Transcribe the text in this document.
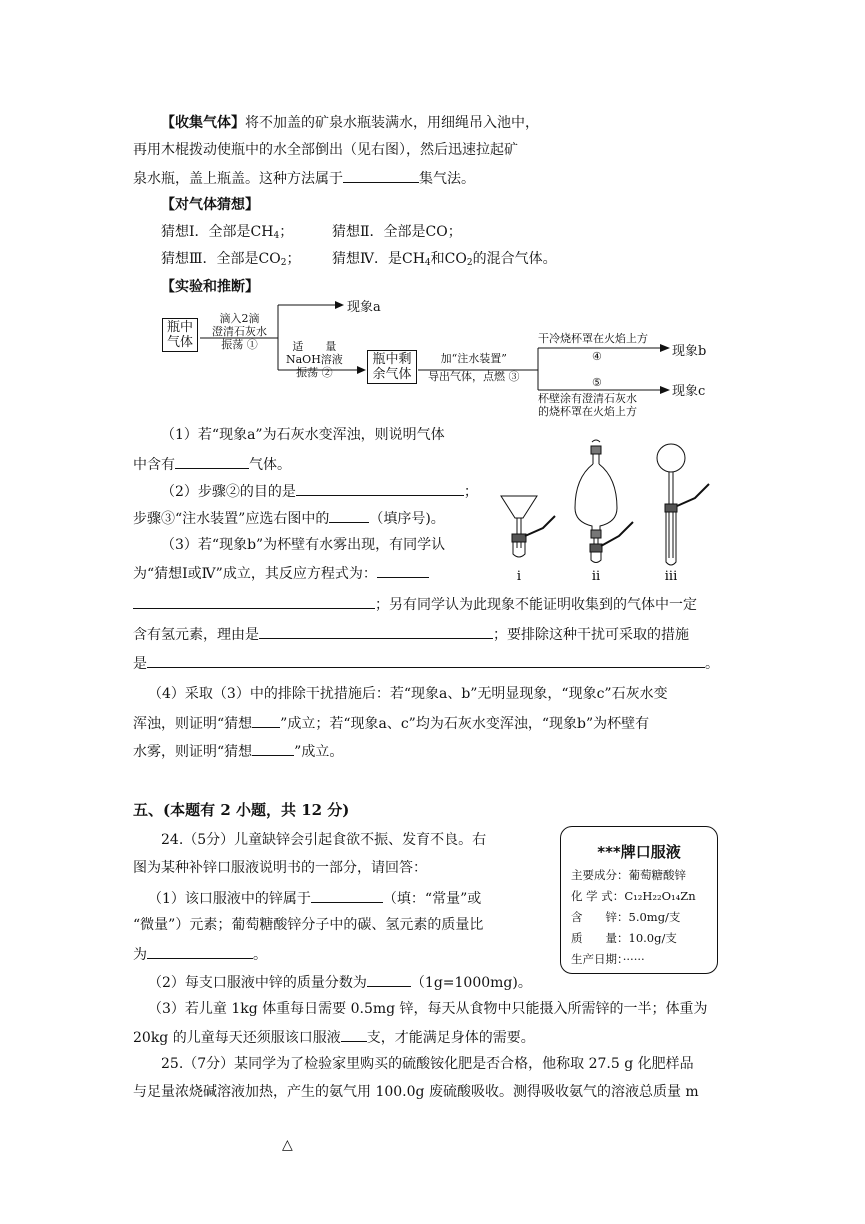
【收集气体】将不加盖的矿泉水瓶装满水，用细绳吊入池中，
再用木棍拨动使瓶中的水全部倒出（见右图），然后迅速拉起矿
泉水瓶，盖上瓶盖。这种方法属于	集气法。
【对气体猜想】
猜想Ⅰ．全部是$CH_4$；	猜想Ⅱ．全部是CO；
猜想Ⅲ．全部是$CO_2$； 猜想Ⅳ．是$CH_4$和$CO_2$的混合气体。
【实验和推断】
瓶中
气体
滴入2滴
澄清石灰水
振荡 ①
现象a
适　　量
NaOH溶液
振荡 ②
瓶中剩
余气体
加“注水装置”
导出气体，点燃 ③
干冷烧杯罩在火焰上方
④	现象b
⑤
杯壁涂有澄清石灰水
的烧杯罩在火焰上方
现象c
（1）若“现象a”为石灰水变浑浊，则说明气体
中含有	气体。
（2）步骤②的目的是	；
步骤③“注水装置”应选右图中的	（填序号)。
（3）若“现象b”为杯壁有水雾出现，有同学认
为“猜想Ⅰ或Ⅳ”成立，其反应方程式为：
；另有同学认为此现象不能证明收集到的气体中一定
含有氢元素，理由是	；要排除这种干扰可采取的措施
是	。
（4）采取（3）中的排除干扰措施后：若“现象a、b”无明显现象，“现象c”石灰水变
浑浊，则证明“猜想 ”成立；若“现象a、c”均为石灰水变浑浊，“现象b”为杯壁有
水雾，则证明“猜想	”成立。
i	ii	iii
五、(本题有 2 小题，共 12 分)
24.（5分）儿童缺锌会引起食欲不振、发育不良。右
图为某种补锌口服液说明书的一部分，请回答：
（1）该口服液中的锌属于	（填：“常量”或
“微量”）元素；葡萄糖酸锌分子中的碳、氢元素的质量比
为	。
（2）每支口服液中锌的质量分数为	（1g=1000mg)。
（3）若儿童 1kg 体重每日需要 0.5mg 锌，每天从食物中只能摄入所需锌的一半；体重为
20kg 的儿童每天还须服该口服液 支，才能满足身体的需要。
25.（7分）某同学为了检验家里购买的硫酸铵化肥是否合格，他称取 27.5 g 化肥样品
与足量浓烧碱溶液加热，产生的氨气用 100.0g 废硫酸吸收。测得吸收氨气的溶液总质量 m
***牌口服液
主要成分：葡萄糖酸锌
化 学 式：C₁₂H₂₂O₁₄Zn
含　　锌：5.0mg/支
质　　量：10.0g/支
生产日期：······
△
